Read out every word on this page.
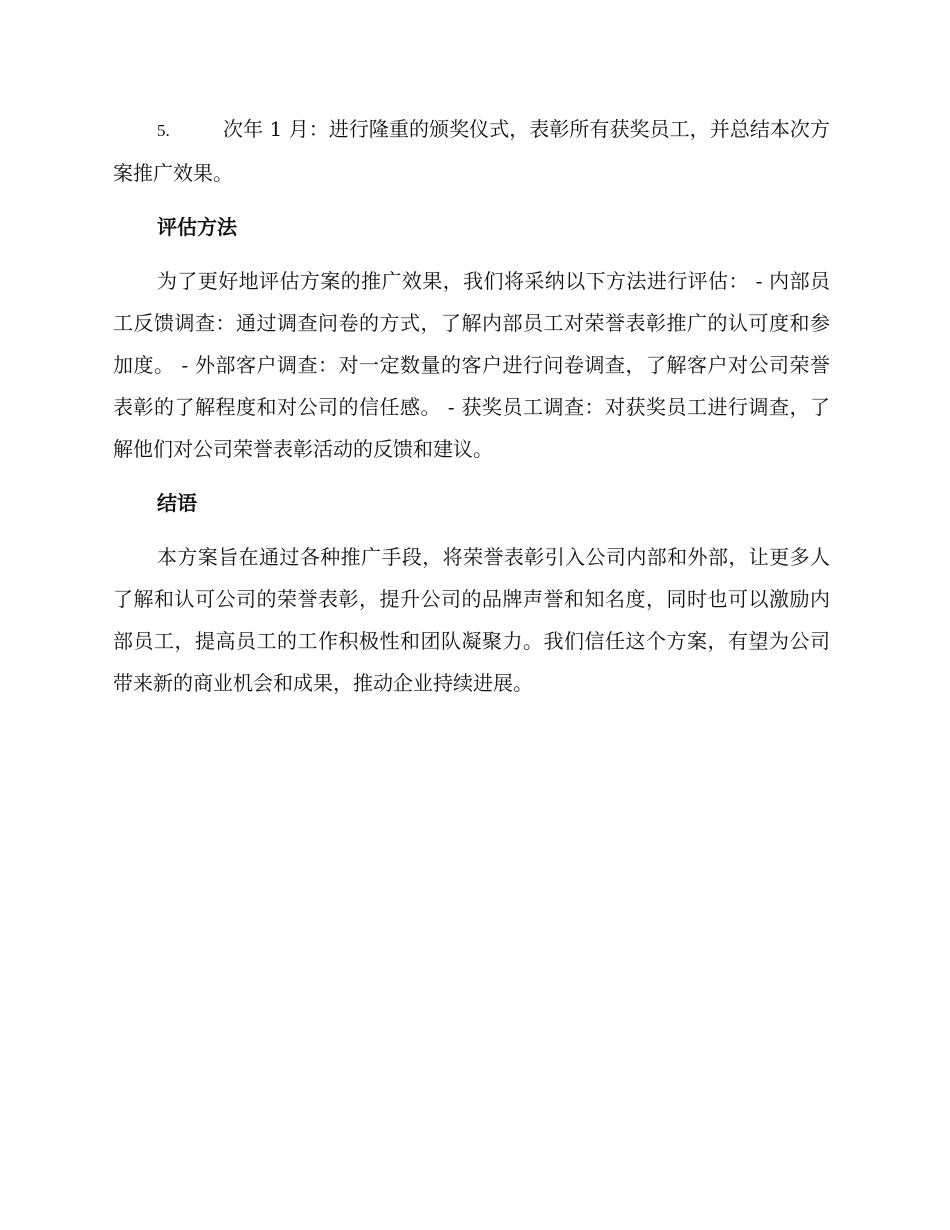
5.	次年 1 月：进行隆重的颁奖仪式，表彰所有获奖员工，并总结本次方案推广效果。
评估方法

为了更好地评估方案的推广效果，我们将采纳以下方法进行评估： - 内部员工反馈调查：通过调查问卷的方式，了解内部员工对荣誉表彰推广的认可度和参加度。 - 外部客户调查：对一定数量的客户进行问卷调查，了解客户对公司荣誉表彰的了解程度和对公司的信任感。 - 获奖员工调查：对获奖员工进行调查，了解他们对公司荣誉表彰活动的反馈和建议。

结语

本方案旨在通过各种推广手段，将荣誉表彰引入公司内部和外部，让更多人了解和认可公司的荣誉表彰，提升公司的品牌声誉和知名度，同时也可以激励内部员工，提高员工的工作积极性和团队凝聚力。我们信任这个方案，有望为公司带来新的商业机会和成果，推动企业持续进展。
